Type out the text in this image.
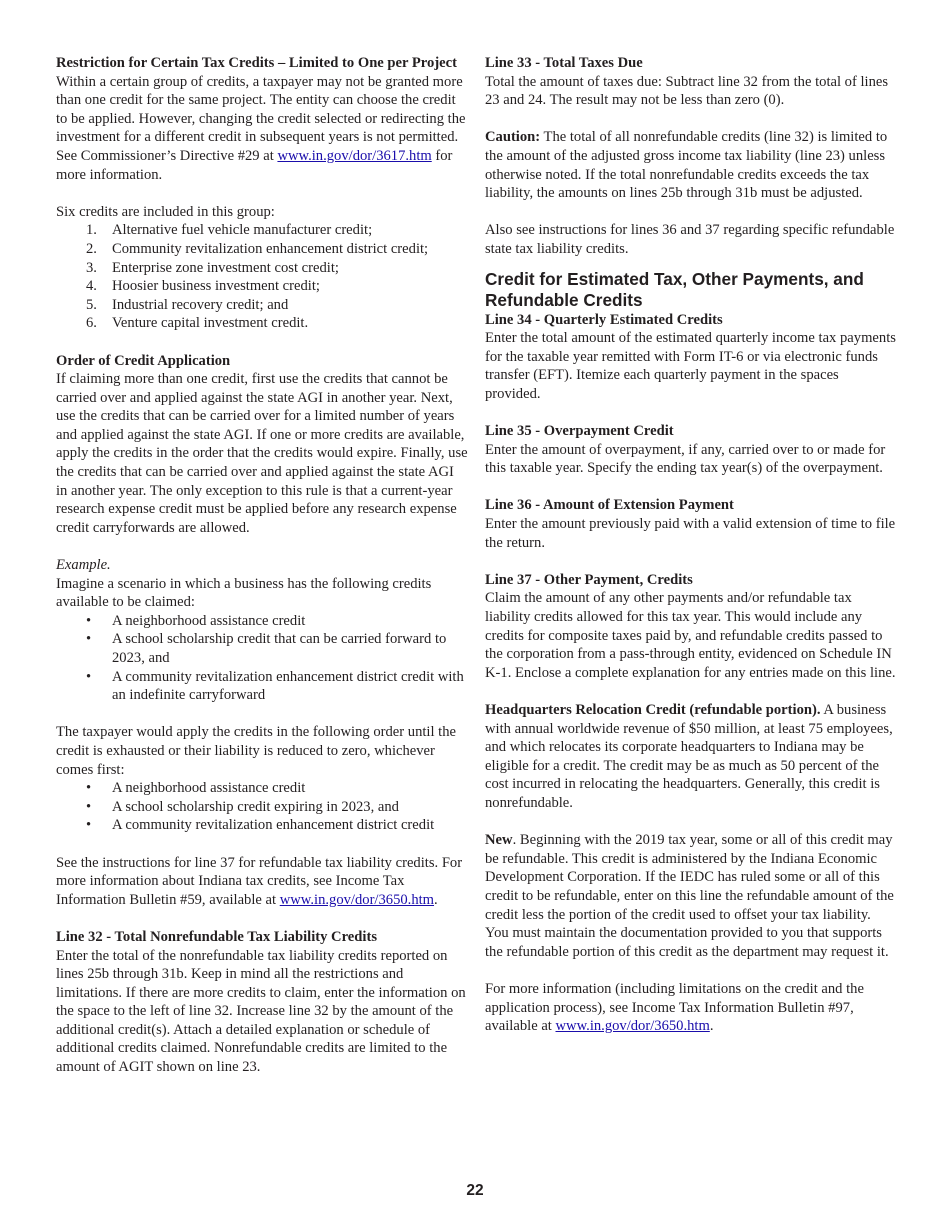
Restriction for Certain Tax Credits – Limited to One per Project

Within a certain group of credits, a taxpayer may not be granted more than one credit for the same project. The entity can choose the credit to be applied. However, changing the credit selected or redirecting the investment for a different credit in subsequent years is not permitted. See Commissioner’s Directive #29 at www.in.gov/dor/3617.htm for more information.

Six credits are included in this group:

1. Alternative fuel vehicle manufacturer credit;
2. Community revitalization enhancement district credit;
3. Enterprise zone investment cost credit;
4. Hoosier business investment credit;
5. Industrial recovery credit; and
6. Venture capital investment credit.

Order of Credit Application

If claiming more than one credit, first use the credits that cannot be carried over and applied against the state AGI in another year. Next, use the credits that can be carried over for a limited number of years and applied against the state AGI. If one or more credits are available, apply the credits in the order that the credits would expire. Finally, use the credits that can be carried over and applied against the state AGI in another year. The only exception to this rule is that a current-year research expense credit must be applied before any research expense credit carryforwards are allowed.

Example.

Imagine a scenario in which a business has the following credits available to be claimed:

• A neighborhood assistance credit
• A school scholarship credit that can be carried forward to 2023, and
• A community revitalization enhancement district credit with an indefinite carryforward

The taxpayer would apply the credits in the following order until the credit is exhausted or their liability is reduced to zero, whichever comes first:

• A neighborhood assistance credit
• A school scholarship credit expiring in 2023, and
• A community revitalization enhancement district credit

See the instructions for line 37 for refundable tax liability credits. For more information about Indiana tax credits, see Income Tax Information Bulletin #59, available at www.in.gov/dor/3650.htm.

Line 32 - Total Nonrefundable Tax Liability Credits

Enter the total of the nonrefundable tax liability credits reported on lines 25b through 31b. Keep in mind all the restrictions and limitations. If there are more credits to claim, enter the information on the space to the left of line 32. Increase line 32 by the amount of the additional credit(s). Attach a detailed explanation or schedule of additional credits claimed. Nonrefundable credits are limited to the amount of AGIT shown on line 23.

Line 33 - Total Taxes Due

Total the amount of taxes due: Subtract line 32 from the total of lines 23 and 24. The result may not be less than zero (0).

Caution: The total of all nonrefundable credits (line 32) is limited to the amount of the adjusted gross income tax liability (line 23) unless otherwise noted. If the total nonrefundable credits exceeds the tax liability, the amounts on lines 25b through 31b must be adjusted.

Also see instructions for lines 36 and 37 regarding specific refundable state tax liability credits.

Credit for Estimated Tax, Other Payments, and Refundable Credits

Line 34 - Quarterly Estimated Credits

Enter the total amount of the estimated quarterly income tax payments for the taxable year remitted with Form IT-6 or via electronic funds transfer (EFT). Itemize each quarterly payment in the spaces provided.

Line 35 - Overpayment Credit

Enter the amount of overpayment, if any, carried over to or made for this taxable year. Specify the ending tax year(s) of the overpayment.

Line 36 - Amount of Extension Payment

Enter the amount previously paid with a valid extension of time to file the return.

Line 37 - Other Payment, Credits

Claim the amount of any other payments and/or refundable tax liability credits allowed for this tax year. This would include any credits for composite taxes paid by, and refundable credits passed to the corporation from a pass-through entity, evidenced on Schedule IN K-1. Enclose a complete explanation for any entries made on this line.

Headquarters Relocation Credit (refundable portion). A business with annual worldwide revenue of $50 million, at least 75 employees, and which relocates its corporate headquarters to Indiana may be eligible for a credit. The credit may be as much as 50 percent of the cost incurred in relocating the headquarters. Generally, this credit is nonrefundable.

New. Beginning with the 2019 tax year, some or all of this credit may be refundable. This credit is administered by the Indiana Economic Development Corporation. If the IEDC has ruled some or all of this credit to be refundable, enter on this line the refundable amount of the credit less the portion of the credit used to offset your tax liability. You must maintain the documentation provided to you that supports the refundable portion of this credit as the department may request it.

For more information (including limitations on the credit and the application process), see Income Tax Information Bulletin #97, available at www.in.gov/dor/3650.htm.

22
